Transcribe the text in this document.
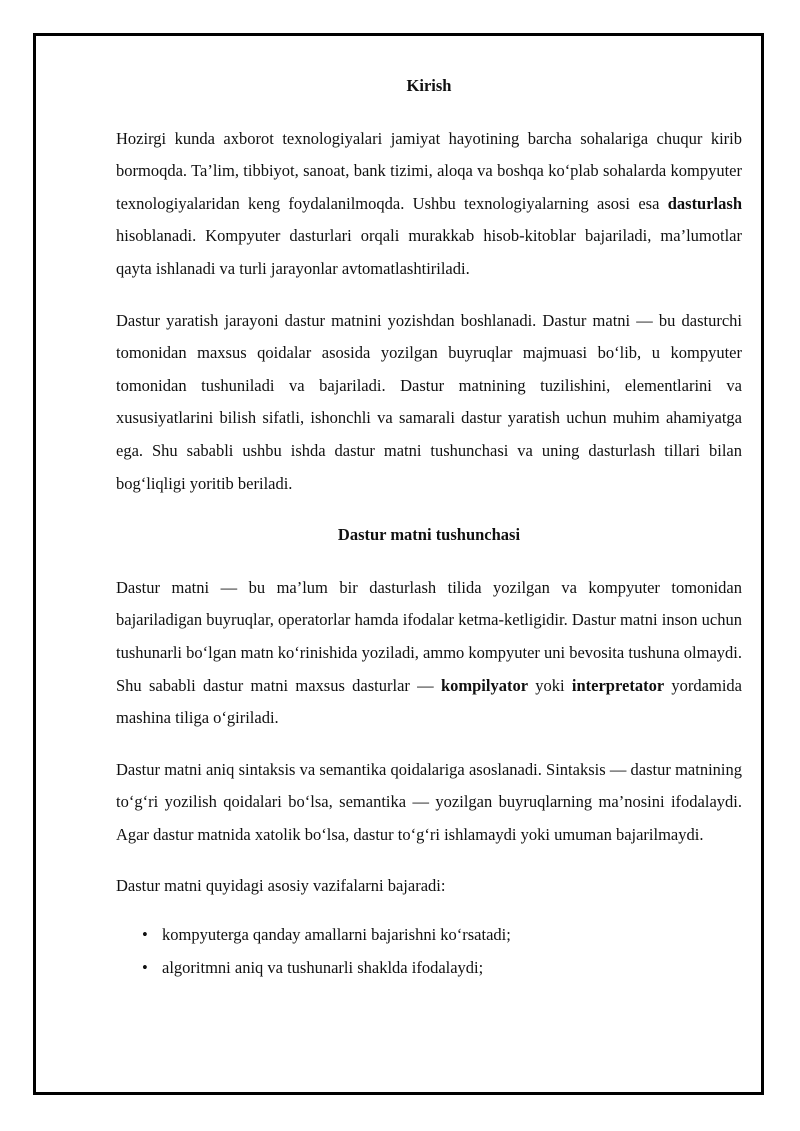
Kirish

Hozirgi kunda axborot texnologiyalari jamiyat hayotining barcha sohalariga chuqur kirib bormoqda. Ta’lim, tibbiyot, sanoat, bank tizimi, aloqa va boshqa ko‘plab sohalarda kompyuter texnologiyalaridan keng foydalanilmoqda. Ushbu texnologiyalarning asosi esa dasturlash hisoblanadi. Kompyuter dasturlari orqali murakkab hisob-kitoblar bajariladi, ma’lumotlar qayta ishlanadi va turli jarayonlar avtomatlashtiriladi.

Dastur yaratish jarayoni dastur matnini yozishdan boshlanadi. Dastur matni — bu dasturchi tomonidan maxsus qoidalar asosida yozilgan buyruqlar majmuasi bo‘lib, u kompyuter tomonidan tushuniladi va bajariladi. Dastur matnining tuzilishini, elementlarini va xususiyatlarini bilish sifatli, ishonchli va samarali dastur yaratish uchun muhim ahamiyatga ega. Shu sababli ushbu ishda dastur matni tushunchasi va uning dasturlash tillari bilan bog‘liqligi yoritib beriladi.

Dastur matni tushunchasi

Dastur matni — bu ma’lum bir dasturlash tilida yozilgan va kompyuter tomonidan bajariladigan buyruqlar, operatorlar hamda ifodalar ketma-ketligidir. Dastur matni inson uchun tushunarli bo‘lgan matn ko‘rinishida yoziladi, ammo kompyuter uni bevosita tushuna olmaydi. Shu sababli dastur matni maxsus dasturlar — kompilyator yoki interpretator yordamida mashina tiliga o‘giriladi.

Dastur matni aniq sintaksis va semantika qoidalariga asoslanadi. Sintaksis — dastur matnining to‘g‘ri yozilish qoidalari bo‘lsa, semantika — yozilgan buyruqlarning ma’nosini ifodalaydi. Agar dastur matnida xatolik bo‘lsa, dastur to‘g‘ri ishlamaydi yoki umuman bajarilmaydi.

Dastur matni quyidagi asosiy vazifalarni bajaradi:

• kompyuterga qanday amallarni bajarishni ko‘rsatadi;
• algoritmni aniq va tushunarli shaklda ifodalaydi;
